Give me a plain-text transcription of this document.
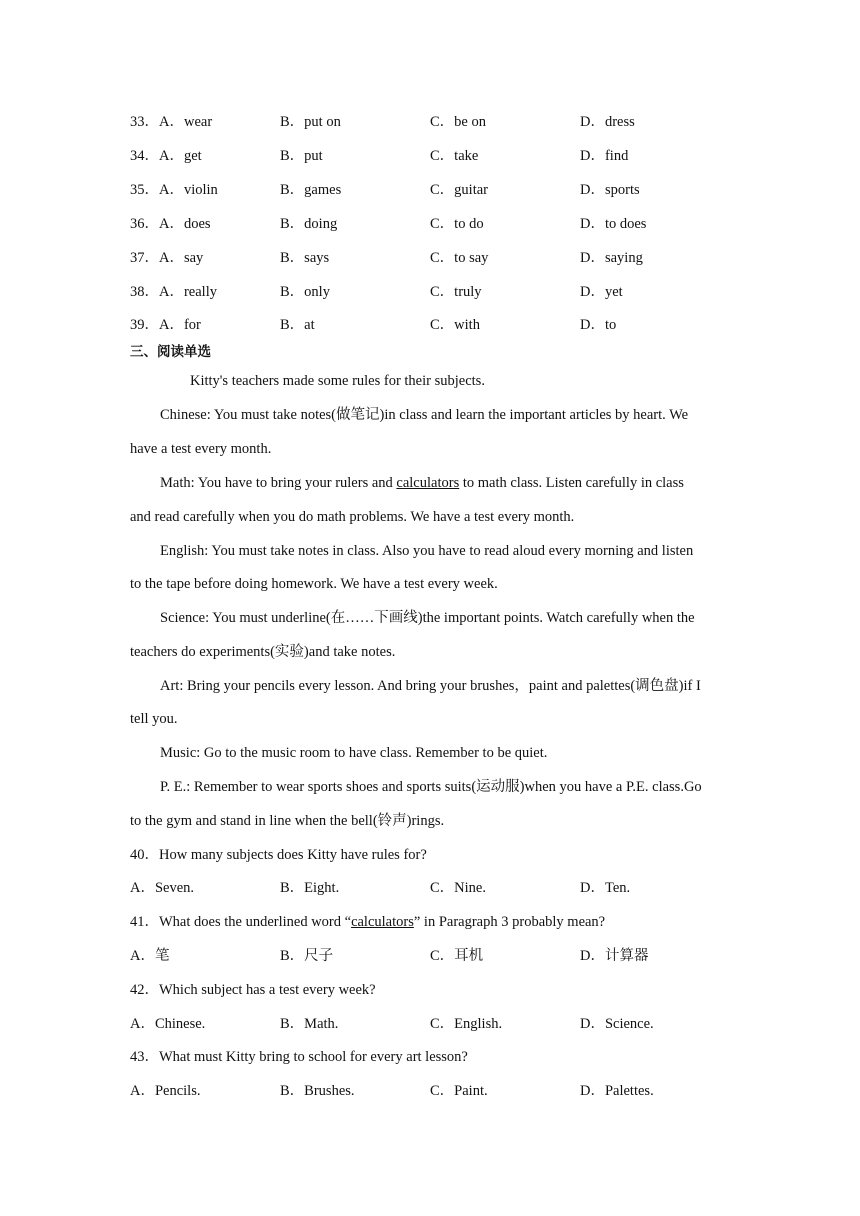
33．A．wear	B．put on	C．be on	D．dress
34．A．get	B．put	C．take	D．find
35．A．violin	B．games	C．guitar	D．sports
36．A．does	B．doing	C．to do	D．to does
37．A．say	B．says	C．to say	D．saying
38．A．really	B．only	C．truly	D．yet
39．A．for	B．at	C．with	D．to
三、阅读单选
Kitty's teachers made some rules for their subjects.
Chinese: You must take notes(做笔记)in class and learn the important articles by heart. We
have a test every month.
Math: You have to bring your rulers and calculators to math class. Listen carefully in class
and read carefully when you do math problems. We have a test every month.
English: You must take notes in class. Also you have to read aloud every morning and listen
to the tape before doing homework. We have a test every week.
Science: You must underline(在……下画线)the important points. Watch carefully when the
teachers do experiments(实验)and take notes.
Art: Bring your pencils every lesson. And bring your brushes，paint and palettes(调色盘)if I
tell you.
Music: Go to the music room to have class. Remember to be quiet.
P. E.: Remember to wear sports shoes and sports suits(运动服)when you have a P.E. class.Go
to the gym and stand in line when the bell(铃声)rings.
40．How many subjects does Kitty have rules for?
A．Seven.	B．Eight.	C．Nine.	D．Ten.
41．What does the underlined word “calculators” in Paragraph 3 probably mean?
A．笔	B．尺子	C．耳机	D．计算器
42．Which subject has a test every week?
A．Chinese.	B．Math.	C．English.	D．Science.
43．What must Kitty bring to school for every art lesson?
A．Pencils.	B．Brushes.	C．Paint.	D．Palettes.
